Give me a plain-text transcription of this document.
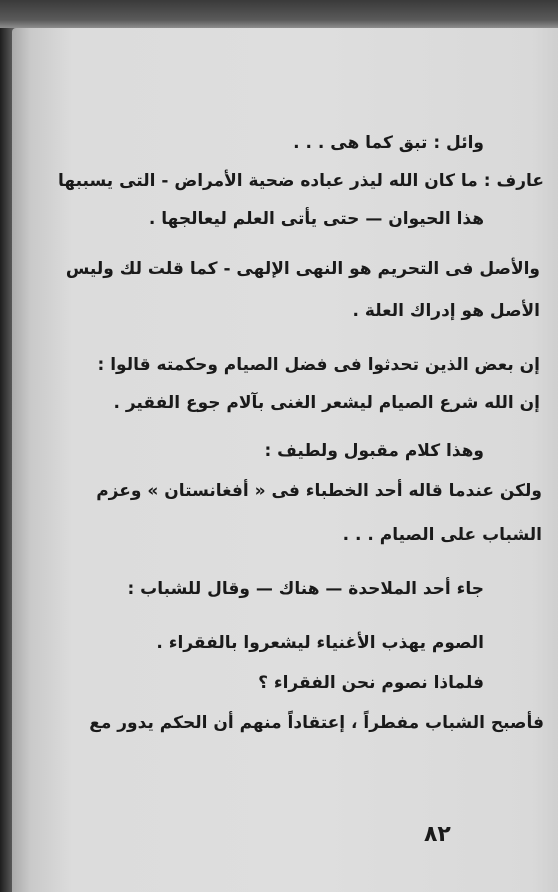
وائل : تبق كما هى . . .
عارف : ما كان الله ليذر عباده ضحية الأمراض - التى يسببها
هذا الحيوان — حتى يأتى العلم ليعالجها .
والأصل فى التحريم هو النهى الإلهى - كما قلت لك وليس
الأصل هو إدراك العلة .
إن بعض الذين تحدثوا فى فضل الصيام وحكمته قالوا :
إن الله شرع الصيام ليشعر الغنى بآلام جوع الفقير .
وهذا كلام مقبول ولطيف :
ولكن عندما قاله أحد الخطباء فى « أفغانستان » وعزم
الشباب على الصيام . . .
جاء أحد الملاحدة — هناك — وقال للشباب :
الصوم يهذب الأغنياء ليشعروا بالفقراء .
فلماذا نصوم نحن الفقراء ؟
فأصبح الشباب مفطراً ، إعتقاداً منهم أن الحكم يدور مع
٨٢
